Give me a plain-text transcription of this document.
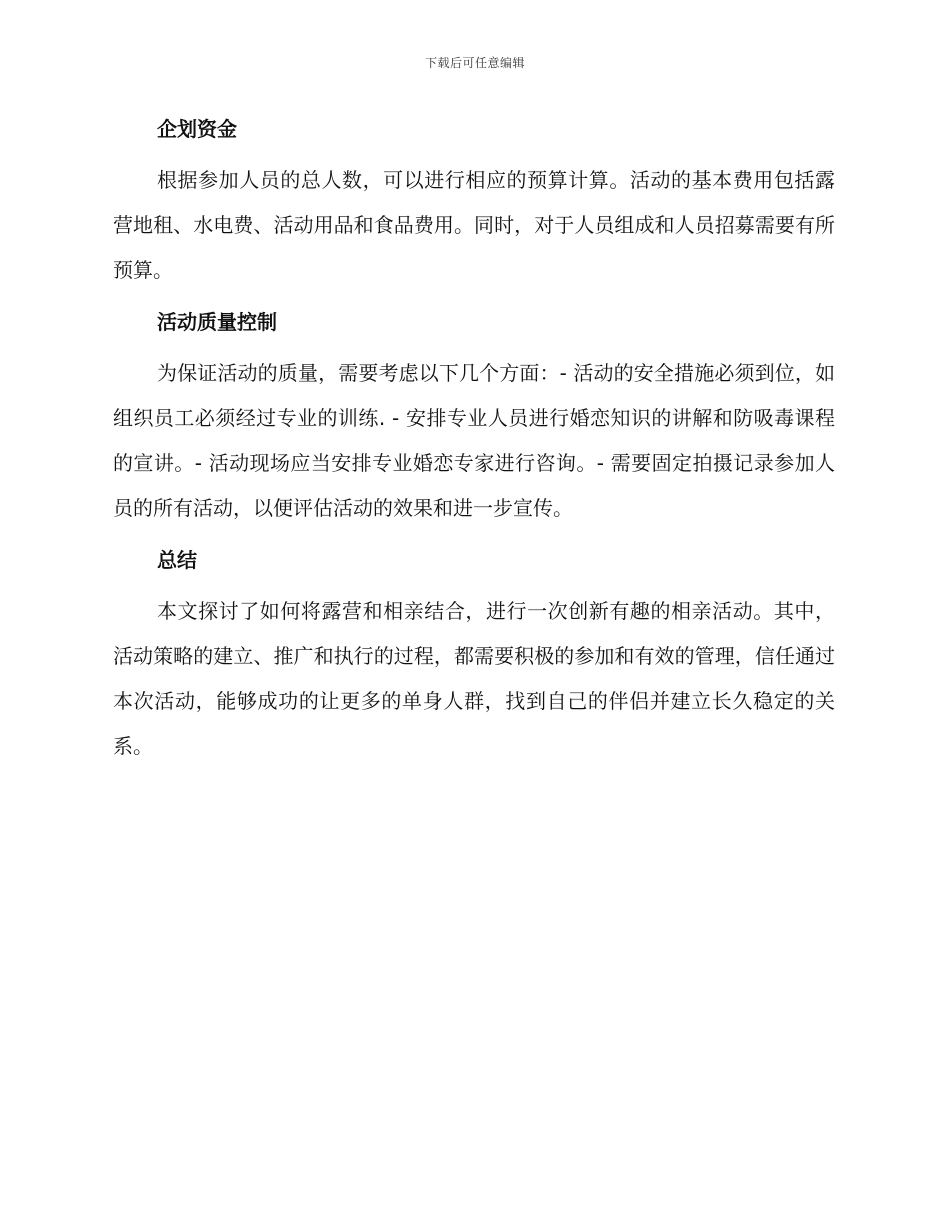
下载后可任意编辑
企划资金

根据参加人员的总人数，可以进行相应的预算计算。活动的基本费用包括露营地租、水电费、活动用品和食品费用。同时，对于人员组成和人员招募需要有所预算。

活动质量控制

为保证活动的质量，需要考虑以下几个方面：- 活动的安全措施必须到位，如组织员工必须经过专业的训练. - 安排专业人员进行婚恋知识的讲解和防吸毒课程的宣讲。- 活动现场应当安排专业婚恋专家进行咨询。- 需要固定拍摄记录参加人员的所有活动，以便评估活动的效果和进一步宣传。

总结

本文探讨了如何将露营和相亲结合，进行一次创新有趣的相亲活动。其中，活动策略的建立、推广和执行的过程，都需要积极的参加和有效的管理，信任通过本次活动，能够成功的让更多的单身人群，找到自己的伴侣并建立长久稳定的关系。
